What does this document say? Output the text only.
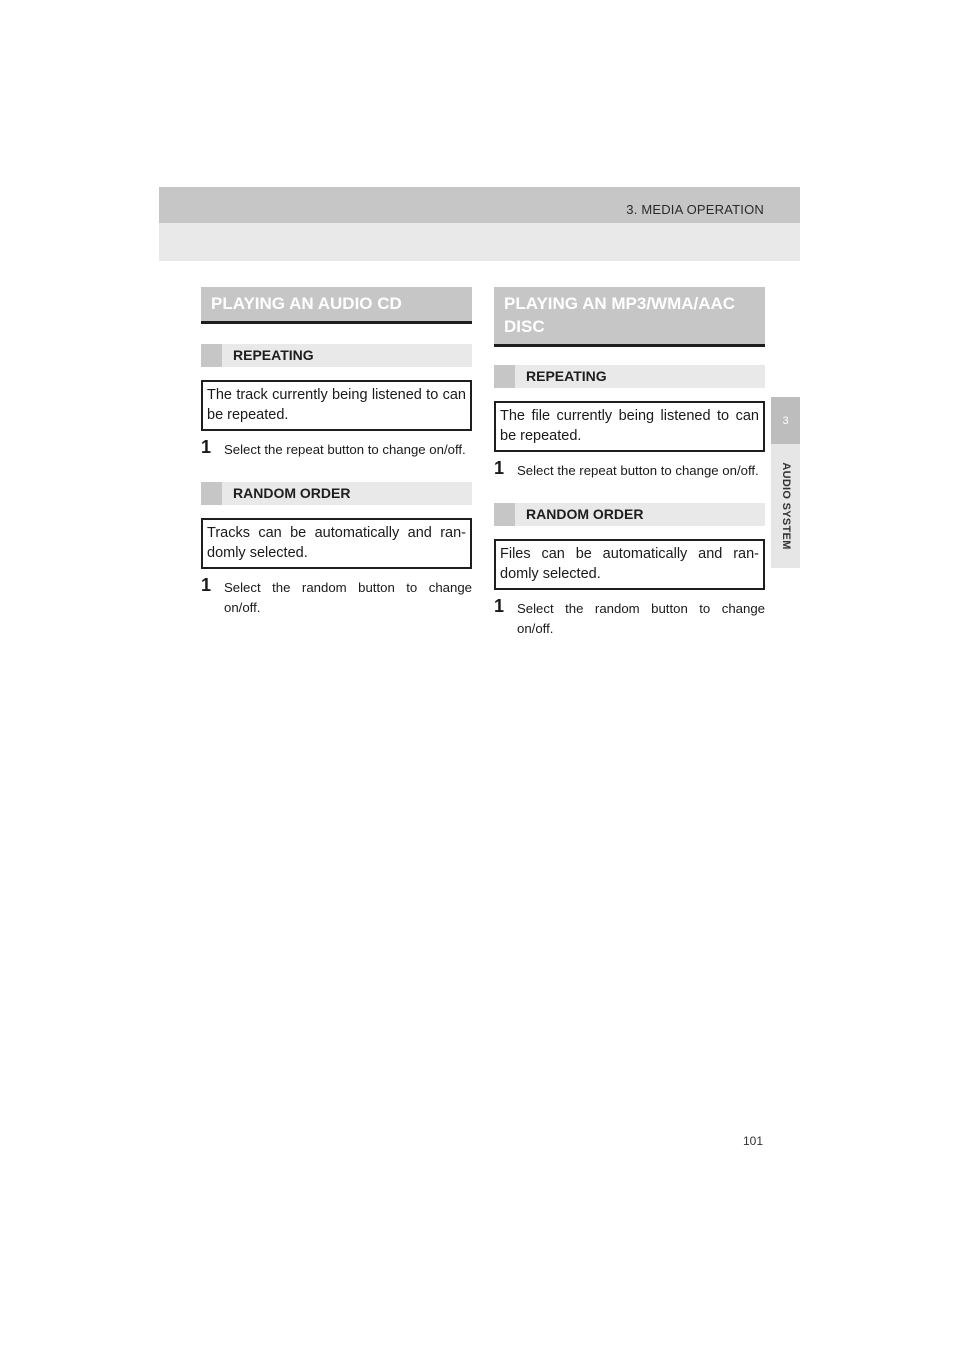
3. MEDIA OPERATION
3
AUDIO SYSTEM
PLAYING AN AUDIO CD
REPEATING
The track currently being listened to can be repeated.
1 Select the repeat button to change on/off.
RANDOM ORDER
Tracks can be automatically and ran-domly selected.
1 Select the random button to change on/off.
PLAYING AN MP3/WMA/AAC DISC
REPEATING
The file currently being listened to can be repeated.
1 Select the repeat button to change on/off.
RANDOM ORDER
Files can be automatically and ran-domly selected.
1 Select the random button to change on/off.
101
